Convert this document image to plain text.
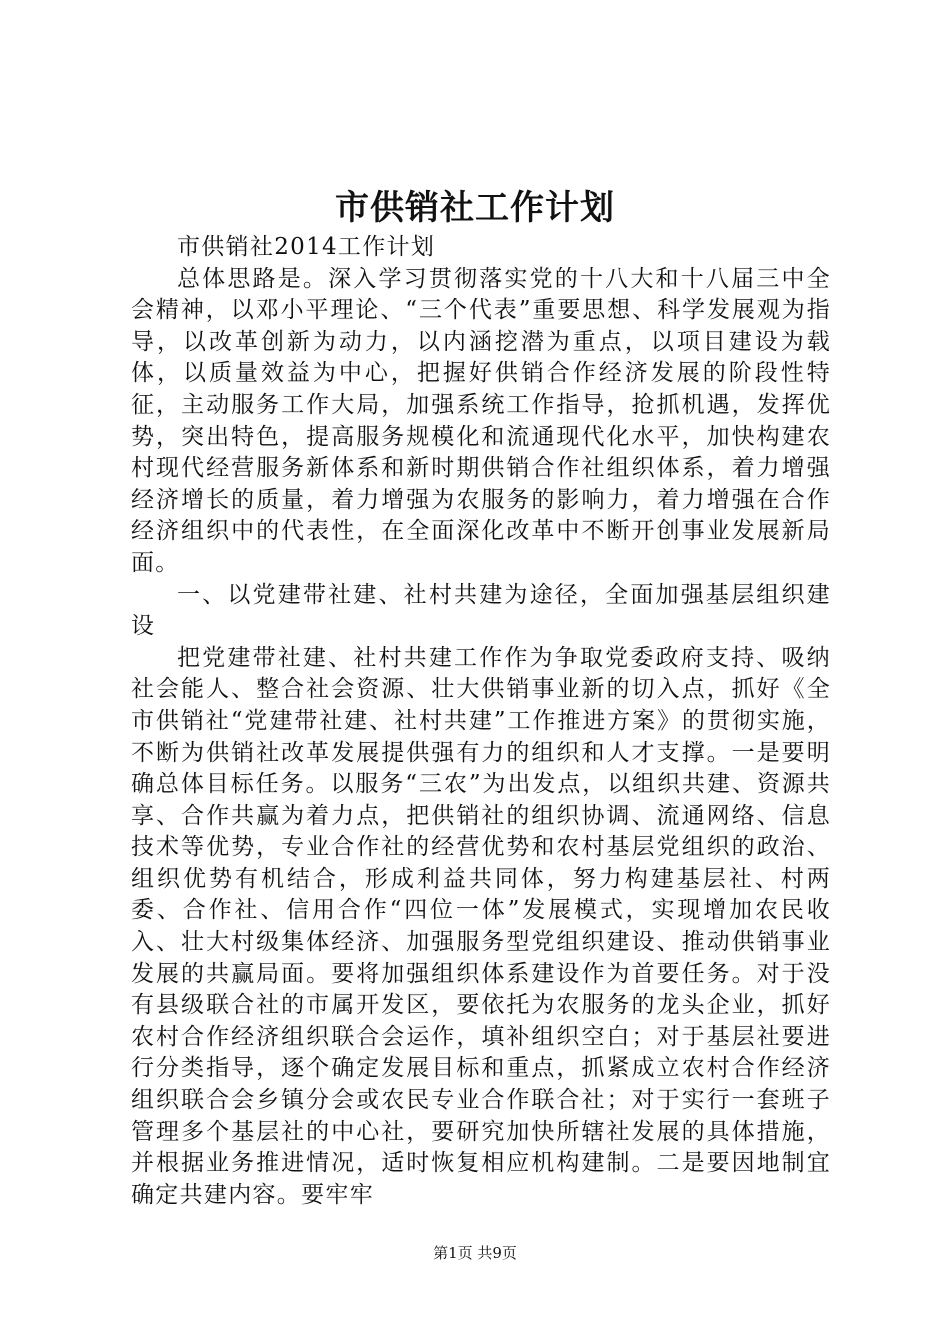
市供销社工作计划

市供销社2014工作计划

总体思路是。深入学习贯彻落实党的十八大和十八届三中全会精神，以邓小平理论、“三个代表”重要思想、科学发展观为指导，以改革创新为动力，以内涵挖潜为重点，以项目建设为载体，以质量效益为中心，把握好供销合作经济发展的阶段性特征，主动服务工作大局，加强系统工作指导，抢抓机遇，发挥优势，突出特色，提高服务规模化和流通现代化水平，加快构建农村现代经营服务新体系和新时期供销合作社组织体系，着力增强经济增长的质量，着力增强为农服务的影响力，着力增强在合作经济组织中的代表性，在全面深化改革中不断开创事业发展新局面。

一、以党建带社建、社村共建为途径，全面加强基层组织建设

把党建带社建、社村共建工作作为争取党委政府支持、吸纳社会能人、整合社会资源、壮大供销事业新的切入点，抓好《全市供销社“党建带社建、社村共建”工作推进方案》的贯彻实施，不断为供销社改革发展提供强有力的组织和人才支撑。一是要明确总体目标任务。以服务“三农”为出发点，以组织共建、资源共享、合作共赢为着力点，把供销社的组织协调、流通网络、信息技术等优势，专业合作社的经营优势和农村基层党组织的政治、组织优势有机结合，形成利益共同体，努力构建基层社、村两委、合作社、信用合作“四位一体”发展模式，实现增加农民收入、壮大村级集体经济、加强服务型党组织建设、推动供销事业发展的共赢局面。要将加强组织体系建设作为首要任务。对于没有县级联合社的市属开发区，要依托为农服务的龙头企业，抓好农村合作经济组织联合会运作，填补组织空白；对于基层社要进行分类指导，逐个确定发展目标和重点，抓紧成立农村合作经济组织联合会乡镇分会或农民专业合作联合社；对于实行一套班子管理多个基层社的中心社，要研究加快所辖社发展的具体措施，并根据业务推进情况，适时恢复相应机构建制。二是要因地制宜确定共建内容。要牢牢

第1页 共9页
